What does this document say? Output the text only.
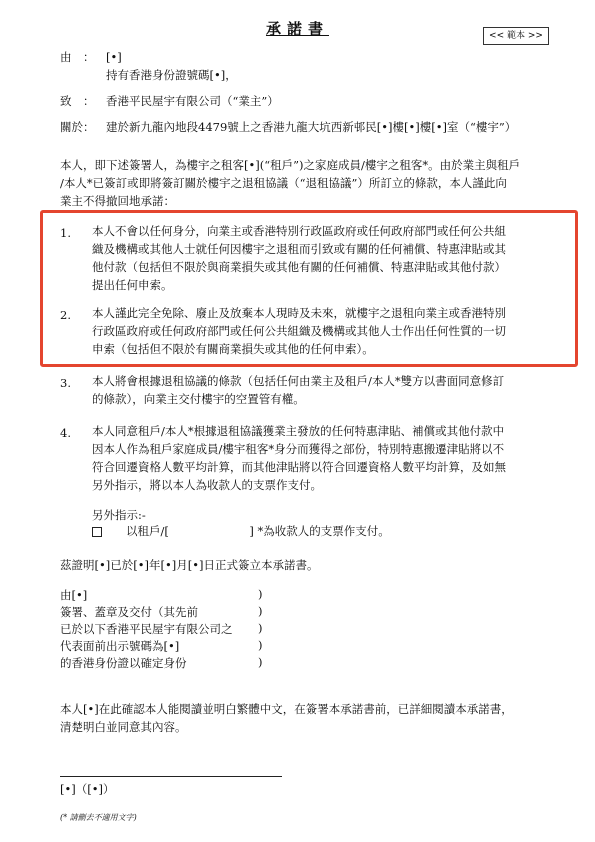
承諾書	<< 範本 >>
由　： [•]
持有香港身份證號碼[•]，
致　： 香港平民屋宇有限公司（“業主”）
關於： 建於新九龍內地段4479號上之香港九龍大坑西新邨民[•]樓[•]樓[•]室（“樓宇”）
本人，即下述簽署人，為樓宇之租客[•](“租戶”)之家庭成員/樓宇之租客*。由於業主與租戶
/本人*已簽訂或即將簽訂關於樓宇之退租協議（“退租協議”）所訂立的條款，本人謹此向
業主不得撤回地承諾：
1. 本人不會以任何身分，向業主或香港特別行政區政府或任何政府部門或任何公共組
織及機構或其他人士就任何因樓宇之退租而引致或有關的任何補償、特惠津貼或其
他付款（包括但不限於與商業損失或其他有關的任何補償、特惠津貼或其他付款）
提出任何申索。
2. 本人謹此完全免除、廢止及放棄本人現時及未來，就樓宇之退租向業主或香港特別
行政區政府或任何政府部門或任何公共組織及機構或其他人士作出任何性質的一切
申索（包括但不限於有關商業損失或其他的任何申索）。
3. 本人將會根據退租協議的條款（包括任何由業主及租戶/本人*雙方以書面同意修訂
的條款），向業主交付樓宇的空置管有權。
4. 本人同意租戶/本人*根據退租協議獲業主發放的任何特惠津貼、補償或其他付款中
因本人作為租戶家庭成員/樓宇租客*身分而獲得之部份，特別特惠搬遷津貼將以不
符合回遷資格人數平均計算，而其他津貼將以符合回遷資格人數平均計算，及如無
另外指示，將以本人為收款人的支票作支付。
另外指示:-
以租戶/[　　　　　　　] *為收款人的支票作支付。
茲證明[•]已於[•]年[•]月[•]日正式簽立本承諾書。
由[•]
簽署、蓋章及交付（其先前
已於以下香港平民屋宇有限公司之
代表面前出示號碼為[•]
的香港身份證以確定身份
)
)
)
)
)
本人[•]在此確認本人能閱讀並明白繁體中文，在簽署本承諾書前，已詳細閱讀本承諾書，
清楚明白並同意其內容。
[•]（[•]）
(* 請刪去不適用文字)
